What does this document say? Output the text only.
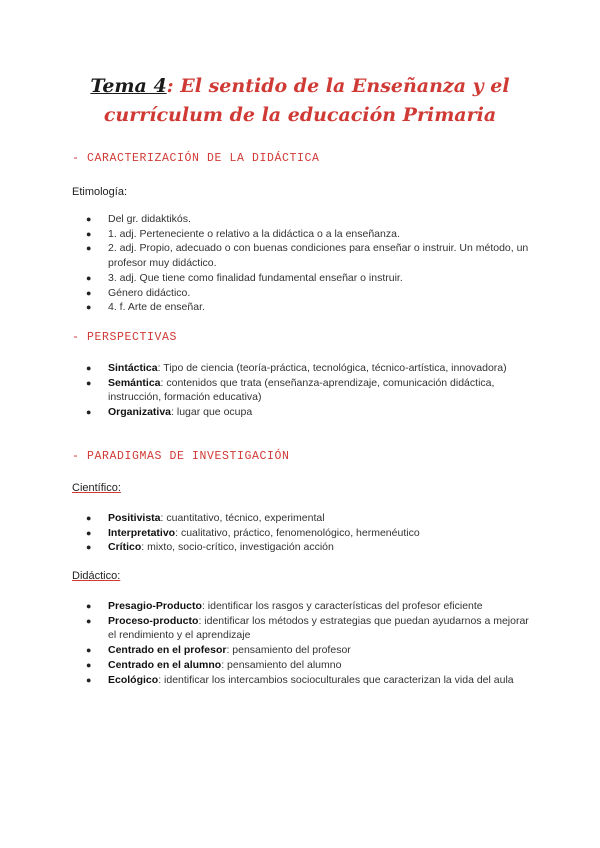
Tema 4: El sentido de la Enseñanza y el currículum de la educación Primaria
- CARACTERIZACIÓN DE LA DIDÁCTICA
Etimología:
● Del gr. didaktikós.
● 1. adj. Perteneciente o relativo a la didáctica o a la enseñanza.
● 2. adj. Propio, adecuado o con buenas condiciones para enseñar o instruir. Un método, un profesor muy didáctico.
● 3. adj. Que tiene como finalidad fundamental enseñar o instruir.
● Género didáctico.
● 4. f. Arte de enseñar.
- PERSPECTIVAS
● Sintáctica: Tipo de ciencia (teoría-práctica, tecnológica, técnico-artística, innovadora)
● Semántica: contenidos que trata (enseñanza-aprendizaje, comunicación didáctica, instrucción, formación educativa)
● Organizativa: lugar que ocupa
- PARADIGMAS DE INVESTIGACIÓN
Científico:
● Positivista: cuantitativo, técnico, experimental
● Interpretativo: cualitativo, práctico, fenomenológico, hermenéutico
● Crítico: mixto, socio-crítico, investigación acción
Didáctico:
● Presagio-Producto: identificar los rasgos y características del profesor eficiente
● Proceso-producto: identificar los métodos y estrategias que puedan ayudarnos a mejorar el rendimiento y el aprendizaje
● Centrado en el profesor: pensamiento del profesor
● Centrado en el alumno: pensamiento del alumno
● Ecológico: identificar los intercambios socioculturales que caracterizan la vida del aula
